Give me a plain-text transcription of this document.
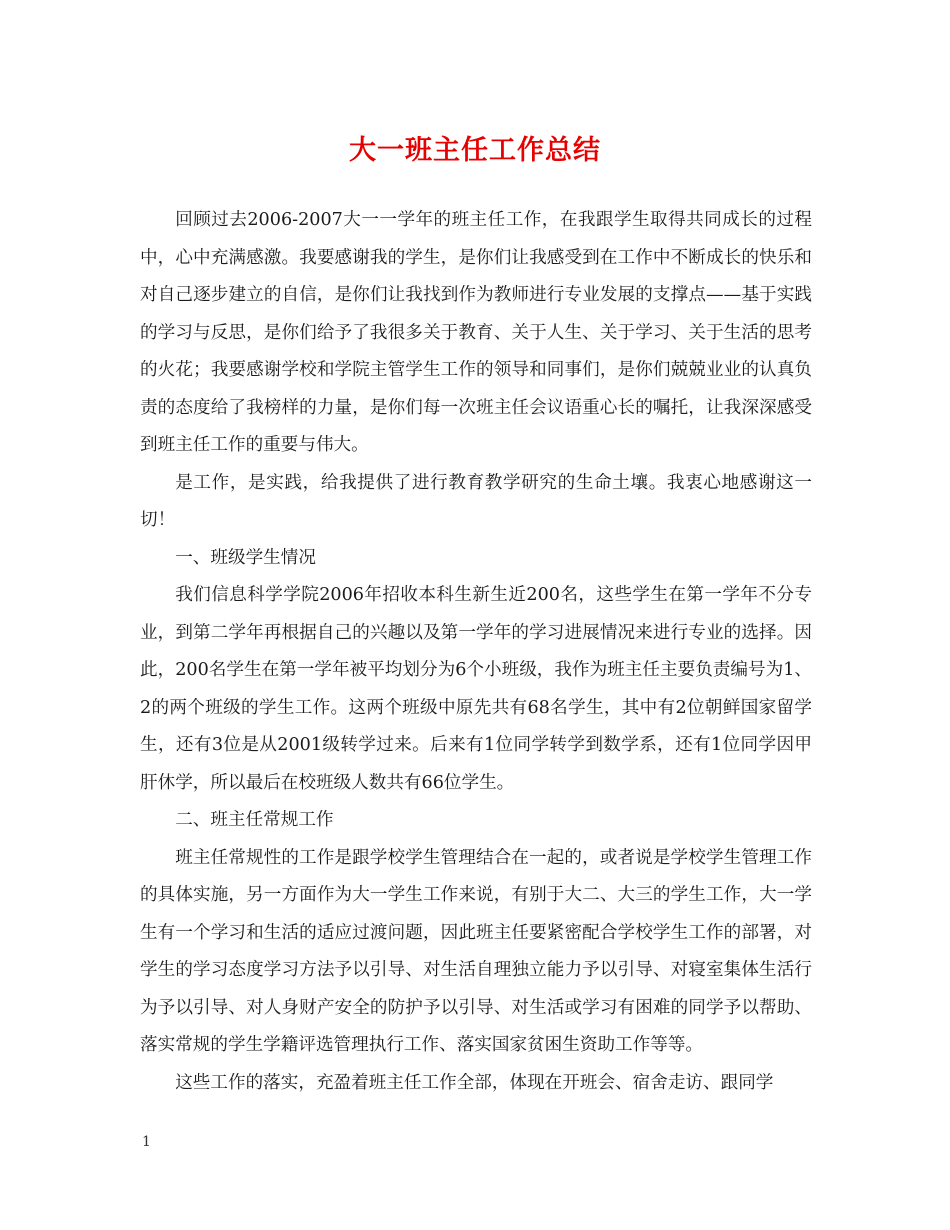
大一班主任工作总结

回顾过去2006-2007大一一学年的班主任工作，在我跟学生取得共同成长的过程中，心中充满感激。我要感谢我的学生，是你们让我感受到在工作中不断成长的快乐和对自己逐步建立的自信，是你们让我找到作为教师进行专业发展的支撑点——基于实践的学习与反思，是你们给予了我很多关于教育、关于人生、关于学习、关于生活的思考的火花；我要感谢学校和学院主管学生工作的领导和同事们，是你们兢兢业业的认真负责的态度给了我榜样的力量，是你们每一次班主任会议语重心长的嘱托，让我深深感受到班主任工作的重要与伟大。

是工作，是实践，给我提供了进行教育教学研究的生命土壤。我衷心地感谢这一切！

一、班级学生情况

我们信息科学学院2006年招收本科生新生近200名，这些学生在第一学年不分专业，到第二学年再根据自己的兴趣以及第一学年的学习进展情况来进行专业的选择。因此，200名学生在第一学年被平均划分为6个小班级，我作为班主任主要负责编号为1、2的两个班级的学生工作。这两个班级中原先共有68名学生，其中有2位朝鲜国家留学生，还有3位是从2001级转学过来。后来有1位同学转学到数学系，还有1位同学因甲肝休学，所以最后在校班级人数共有66位学生。

二、班主任常规工作

班主任常规性的工作是跟学校学生管理结合在一起的，或者说是学校学生管理工作的具体实施，另一方面作为大一学生工作来说，有别于大二、大三的学生工作，大一学生有一个学习和生活的适应过渡问题，因此班主任要紧密配合学校学生工作的部署，对学生的学习态度学习方法予以引导、对生活自理独立能力予以引导、对寝室集体生活行为予以引导、对人身财产安全的防护予以引导、对生活或学习有困难的同学予以帮助、落实常规的学生学籍评选管理执行工作、落实国家贫困生资助工作等等。

这些工作的落实，充盈着班主任工作全部，体现在开班会、宿舍走访、跟同学

1
